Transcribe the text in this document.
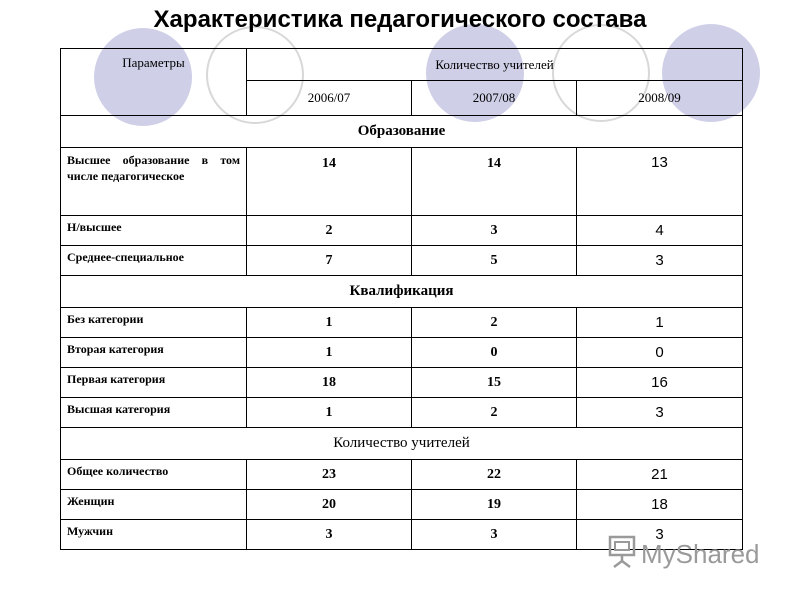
Характеристика педагогического состава
Параметры	Количество учителей		
	2006/07	2007/08	2008/09
Образование			
Высшее образование в том числе педагогическое	14	14	13
Н/высшее	2	3	4
Среднее-специальное	7	5	3
Квалификация			
Без категории	1	2	1
Вторая категория	1	0	0
Первая категория	18	15	16
Высшая категория	1	2	3
Количество учителей			
Общее количество	23	22	21
Женщин	20	19	18
Мужчин	3	3	3
MyShared
